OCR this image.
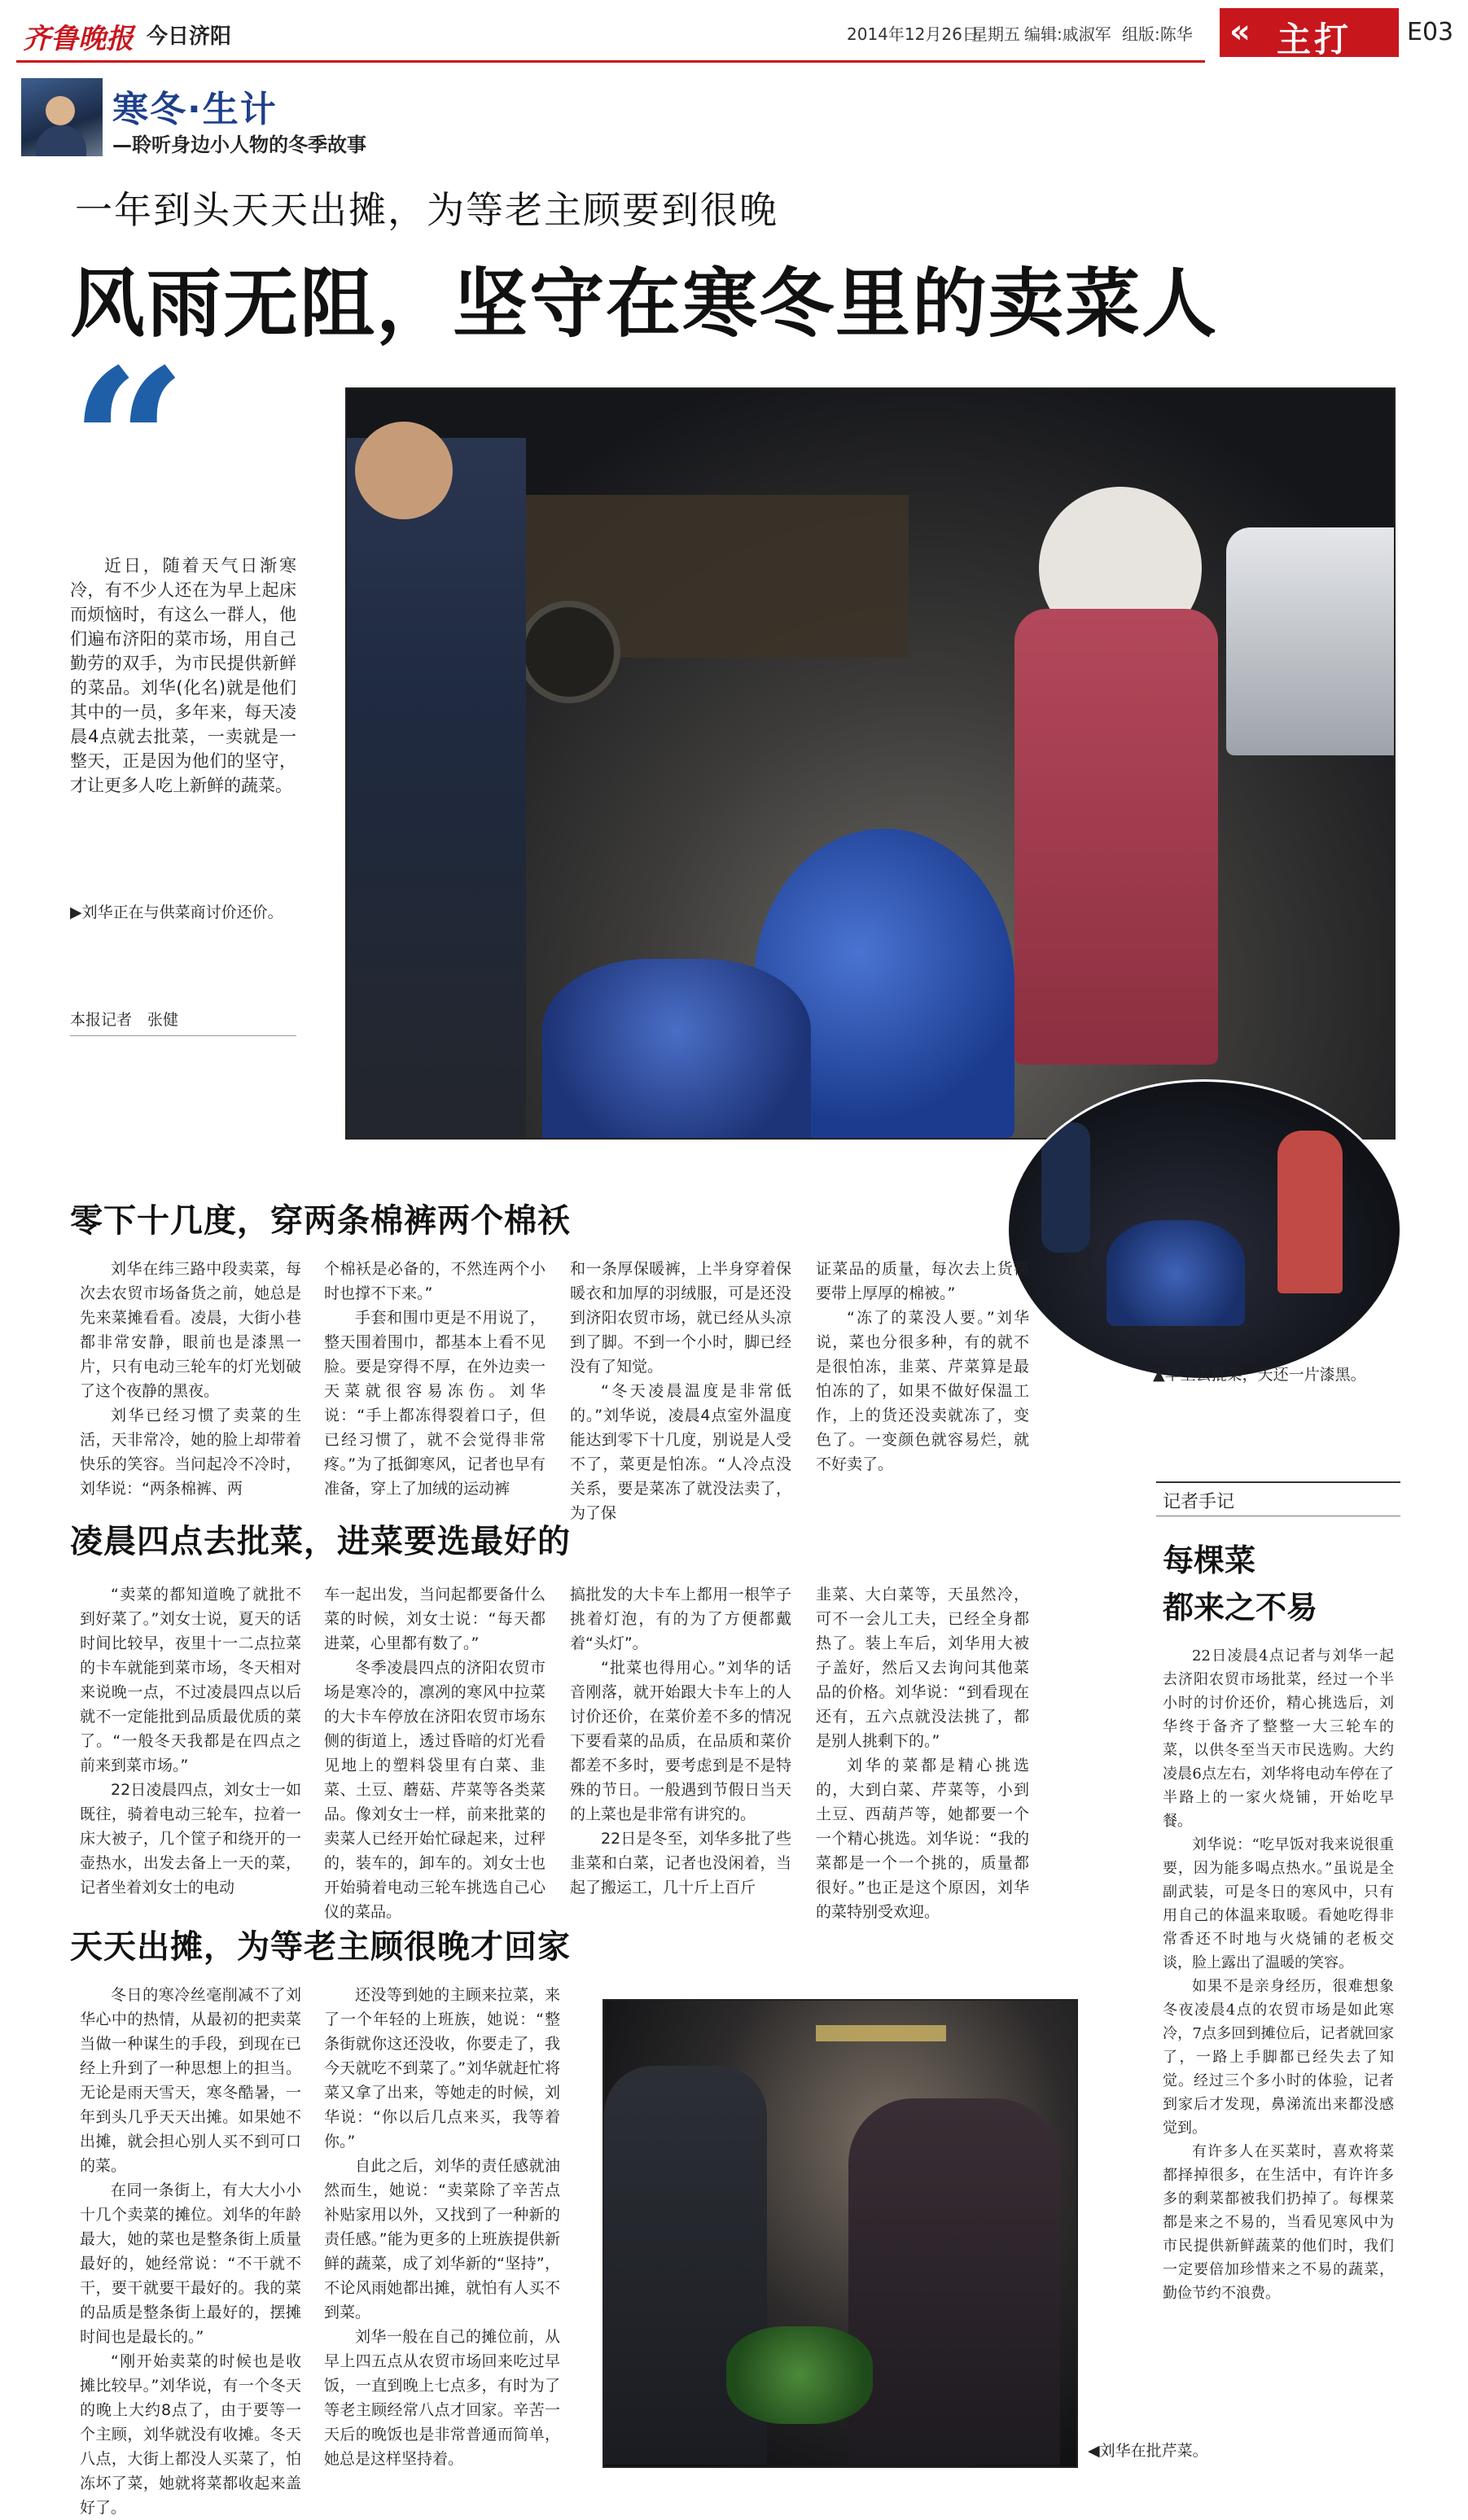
齐鲁晚报 今日济阳	2014年12月26日
星期五 编辑:戚淑军 组版:陈华 « 主打 E03
寒冬·生计
—聆听身边小人物的冬季故事
一年到头天天出摊，为等老主顾要到很晚
风雨无阻，坚守在寒冬里的卖菜人
“

近日，随着天气日渐寒冷，有不少人还在为早上起床而烦恼时，有这么一群人，他们遍布济阳的菜市场，用自己勤劳的双手，为市民提供新鲜的菜品。刘华(化名)就是他们其中的一员，多年来，每天凌晨4点就去批菜，一卖就是一整天，正是因为他们的坚守，才让更多人吃上新鲜的蔬菜。

▶刘华正在与供菜商讨价还价。
本报记者　张健
▲早上去批菜，天还一片漆黑。
零下十几度，穿两条棉裤两个棉袄

刘华在纬三路中段卖菜，每次去农贸市场备货之前，她总是先来菜摊看看。凌晨，大街小巷都非常安静，眼前也是漆黑一片，只有电动三轮车的灯光划破了这个夜静的黑夜。

刘华已经习惯了卖菜的生活，天非常冷，她的脸上却带着快乐的笑容。当问起冷不冷时，刘华说：“两条棉裤、两

个棉袄是必备的，不然连两个小时也撑不下来。”

手套和围巾更是不用说了，整天围着围巾，都基本上看不见脸。要是穿得不厚，在外边卖一天菜就很容易冻伤。刘华说：“手上都冻得裂着口子，但已经习惯了，就不会觉得非常疼。”为了抵御寒风，记者也早有准备，穿上了加绒的运动裤

和一条厚保暖裤，上半身穿着保暖衣和加厚的羽绒服，可是还没到济阳农贸市场，就已经从头凉到了脚。不到一个小时，脚已经没有了知觉。

“冬天凌晨温度是非常低的。”刘华说，凌晨4点室外温度能达到零下十几度，别说是人受不了，菜更是怕冻。“人冷点没关系，要是菜冻了就没法卖了，为了保

证菜品的质量，每次去上货都要带上厚厚的棉被。”

“冻了的菜没人要。”刘华说，菜也分很多种，有的就不是很怕冻，韭菜、芹菜算是最怕冻的了，如果不做好保温工作，上的货还没卖就冻了，变色了。一变颜色就容易烂，就不好卖了。

凌晨四点去批菜，进菜要选最好的

“卖菜的都知道晚了就批不到好菜了。”刘女士说，夏天的话时间比较早，夜里十一二点拉菜的卡车就能到菜市场，冬天相对来说晚一点，不过凌晨四点以后就不一定能批到品质最优质的菜了。“一般冬天我都是在四点之前来到菜市场。”

22日凌晨四点，刘女士一如既往，骑着电动三轮车，拉着一床大被子，几个筐子和绕开的一壶热水，出发去备上一天的菜，记者坐着刘女士的电动

车一起出发，当问起都要备什么菜的时候，刘女士说：“每天都进菜，心里都有数了。”

冬季凌晨四点的济阳农贸市场是寒冷的，凛冽的寒风中拉菜的大卡车停放在济阳农贸市场东侧的街道上，透过昏暗的灯光看见地上的塑料袋里有白菜、韭菜、土豆、蘑菇、芹菜等各类菜品。像刘女士一样，前来批菜的卖菜人已经开始忙碌起来，过秤的，装车的，卸车的。刘女士也开始骑着电动三轮车挑选自己心仪的菜品。

搞批发的大卡车上都用一根竿子挑着灯泡，有的为了方便都戴着“头灯”。

“批菜也得用心。”刘华的话音刚落，就开始跟大卡车上的人讨价还价，在菜价差不多的情况下要看菜的品质，在品质和菜价都差不多时，要考虑到是不是特殊的节日。一般遇到节假日当天的上菜也是非常有讲究的。

22日是冬至，刘华多批了些韭菜和白菜，记者也没闲着，当起了搬运工，几十斤上百斤

韭菜、大白菜等，天虽然冷，可不一会儿工夫，已经全身都热了。装上车后，刘华用大被子盖好，然后又去询问其他菜品的价格。刘华说：“到看现在还有，五六点就没法挑了，都是别人挑剩下的。”

刘华的菜都是精心挑选的，大到白菜、芹菜等，小到土豆、西葫芦等，她都要一个一个精心挑选。刘华说：“我的菜都是一个一个挑的，质量都很好。”也正是这个原因，刘华的菜特别受欢迎。

天天出摊，为等老主顾很晚才回家

冬日的寒冷丝毫削减不了刘华心中的热情，从最初的把卖菜当做一种谋生的手段，到现在已经上升到了一种思想上的担当。无论是雨天雪天，寒冬酷暑，一年到头几乎天天出摊。如果她不出摊，就会担心别人买不到可口的菜。

在同一条街上，有大大小小十几个卖菜的摊位。刘华的年龄最大，她的菜也是整条街上质量最好的，她经常说：“不干就不干，要干就要干最好的。我的菜的品质是整条街上最好的，摆摊时间也是最长的。”

“刚开始卖菜的时候也是收摊比较早。”刘华说，有一个冬天的晚上大约8点了，由于要等一个主顾，刘华就没有收摊。冬天八点，大街上都没人买菜了，怕冻坏了菜，她就将菜都收起来盖好了。

还没等到她的主顾来拉菜，来了一个年轻的上班族，她说：“整条街就你这还没收，你要走了，我今天就吃不到菜了。”刘华就赶忙将菜又拿了出来，等她走的时候，刘华说：“你以后几点来买，我等着你。”

自此之后，刘华的责任感就油然而生，她说：“卖菜除了辛苦点补贴家用以外，又找到了一种新的责任感。”能为更多的上班族提供新鲜的蔬菜，成了刘华新的“坚持”，不论风雨她都出摊，就怕有人买不到菜。

刘华一般在自己的摊位前，从早上四五点从农贸市场回来吃过早饭，一直到晚上七点多，有时为了等老主顾经常八点才回家。辛苦一天后的晚饭也是非常普通而简单，她总是这样坚持着。	◀刘华在批芹菜。
记者手记
每棵菜
都来之不易

22日凌晨4点记者与刘华一起去济阳农贸市场批菜，经过一个半小时的讨价还价，精心挑选后，刘华终于备齐了整整一大三轮车的菜，以供冬至当天市民选购。大约凌晨6点左右，刘华将电动车停在了半路上的一家火烧铺，开始吃早餐。

刘华说：“吃早饭对我来说很重要，因为能多喝点热水。”虽说是全副武装，可是冬日的寒风中，只有用自己的体温来取暖。看她吃得非常香还不时地与火烧铺的老板交谈，脸上露出了温暖的笑容。

如果不是亲身经历，很难想象冬夜凌晨4点的农贸市场是如此寒冷，7点多回到摊位后，记者就回家了，一路上手脚都已经失去了知觉。经过三个多小时的体验，记者到家后才发现，鼻涕流出来都没感觉到。

有许多人在买菜时，喜欢将菜都择掉很多，在生活中，有许许多多的剩菜都被我们扔掉了。每棵菜都是来之不易的，当看见寒风中为市民提供新鲜蔬菜的他们时，我们一定要倍加珍惜来之不易的蔬菜，勤俭节约不浪费。
